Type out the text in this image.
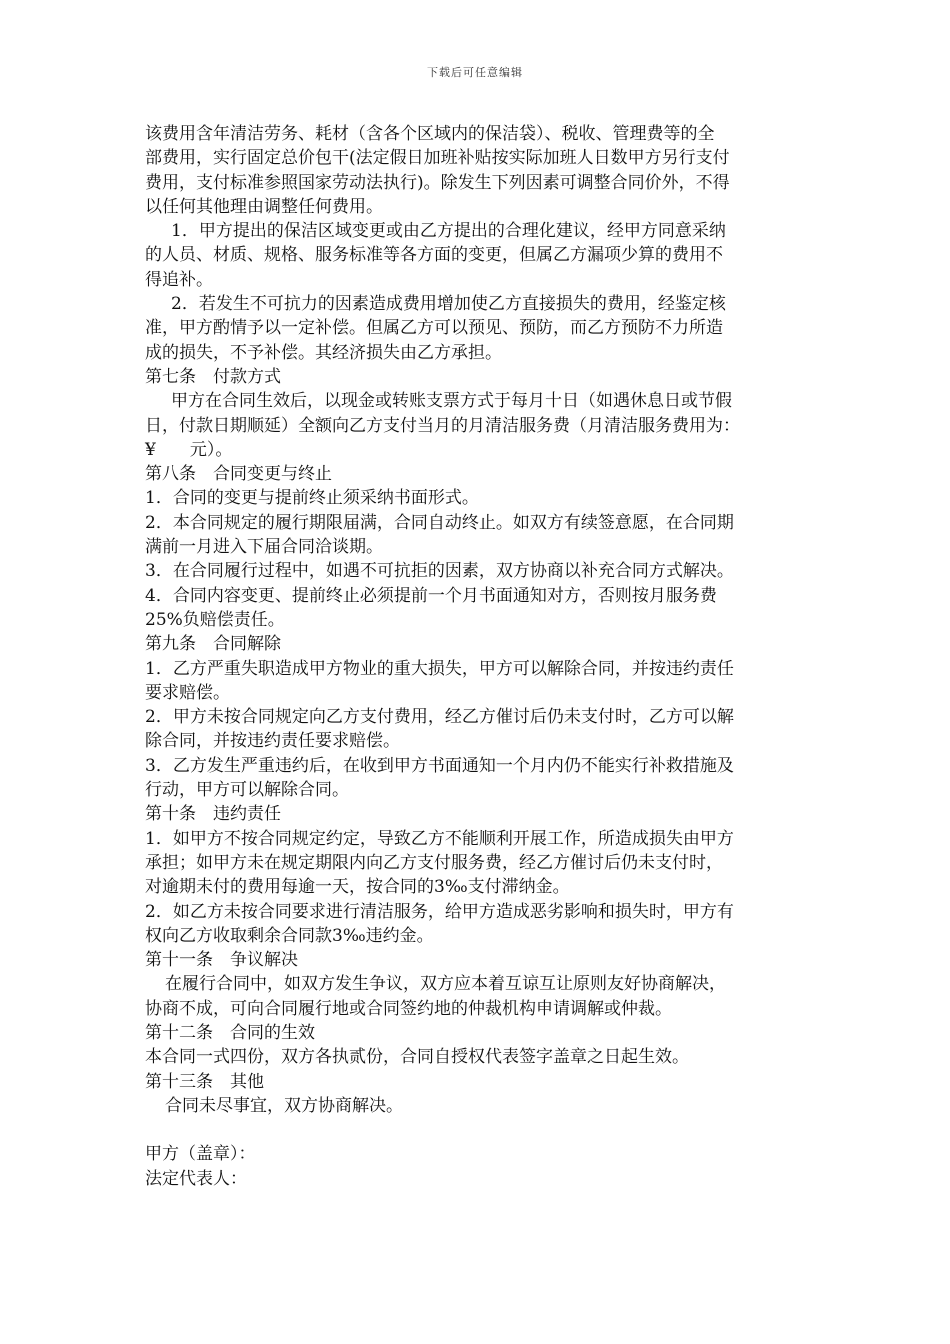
下载后可任意编辑
该费用含年清洁劳务、耗材（含各个区域内的保洁袋）、税收、管理费等的全
部费用，实行固定总价包干(法定假日加班补贴按实际加班人日数甲方另行支付
费用，支付标准参照国家劳动法执行)。除发生下列因素可调整合同价外，不得
以任何其他理由调整任何费用。
1．甲方提出的保洁区域变更或由乙方提出的合理化建议，经甲方同意采纳
的人员、材质、规格、服务标准等各方面的变更，但属乙方漏项少算的费用不
得追补。
2．若发生不可抗力的因素造成费用增加使乙方直接损失的费用，经鉴定核
准，甲方酌情予以一定补偿。但属乙方可以预见、预防，而乙方预防不力所造
成的损失，不予补偿。其经济损失由乙方承担。
第七条　付款方式
甲方在合同生效后，以现金或转账支票方式于每月十日（如遇休息日或节假
日，付款日期顺延）全额向乙方支付当月的月清洁服务费（月清洁服务费用为：
¥　　元）。
第八条　合同变更与终止
1．合同的变更与提前终止须采纳书面形式。
2．本合同规定的履行期限届满，合同自动终止。如双方有续签意愿，在合同期
满前一月进入下届合同洽谈期。
3．在合同履行过程中，如遇不可抗拒的因素，双方协商以补充合同方式解决。
4．合同内容变更、提前终止必须提前一个月书面通知对方，否则按月服务费
25%负赔偿责任。
第九条　合同解除
1．乙方严重失职造成甲方物业的重大损失，甲方可以解除合同，并按违约责任
要求赔偿。
2．甲方未按合同规定向乙方支付费用，经乙方催讨后仍未支付时，乙方可以解
除合同，并按违约责任要求赔偿。
3．乙方发生严重违约后，在收到甲方书面通知一个月内仍不能实行补救措施及
行动，甲方可以解除合同。
第十条　违约责任
1．如甲方不按合同规定约定，导致乙方不能顺利开展工作，所造成损失由甲方
承担；如甲方未在规定期限内向乙方支付服务费，经乙方催讨后仍未支付时，
对逾期未付的费用每逾一天，按合同的3‰支付滞纳金。
2．如乙方未按合同要求进行清洁服务，给甲方造成恶劣影响和损失时，甲方有
权向乙方收取剩余合同款3‰违约金。
第十一条　争议解决
在履行合同中，如双方发生争议，双方应本着互谅互让原则友好协商解决，
协商不成，可向合同履行地或合同签约地的仲裁机构申请调解或仲裁。
第十二条　合同的生效
本合同一式四份，双方各执贰份，合同自授权代表签字盖章之日起生效。
第十三条　其他
合同未尽事宜，双方协商解决。
甲方（盖章）：
法定代表人：
